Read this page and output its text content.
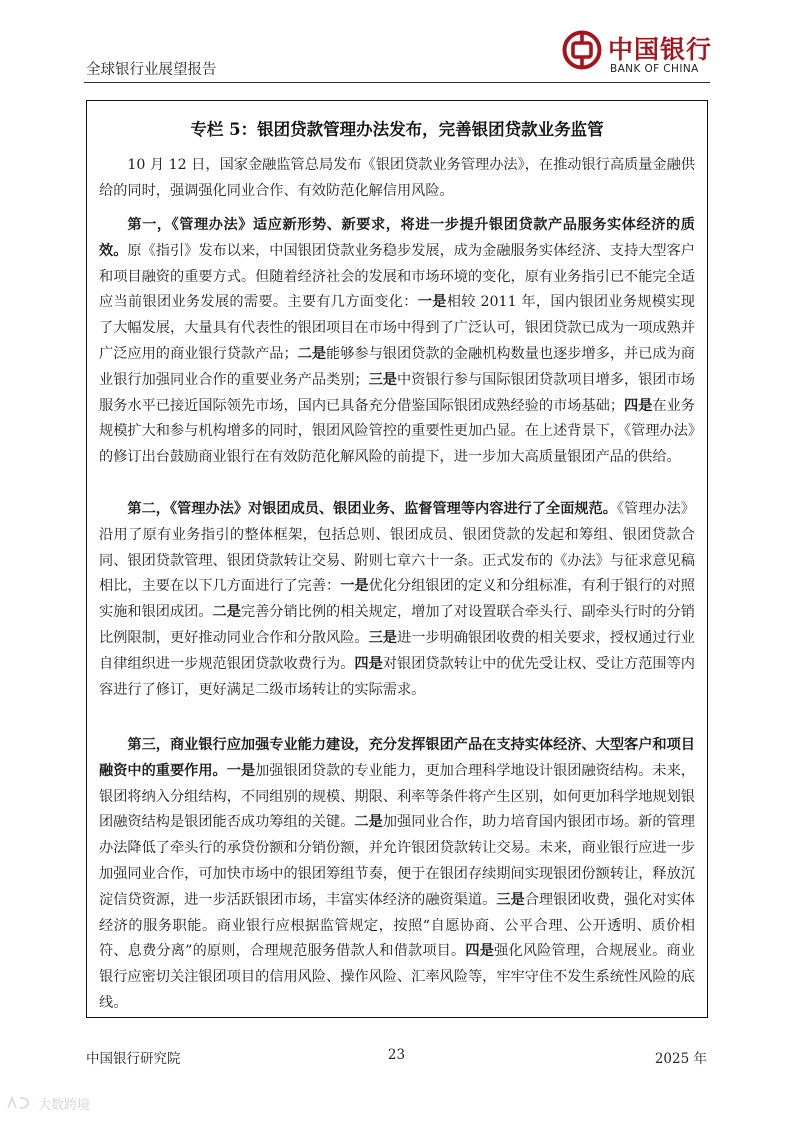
全球银行业展望报告
中国银行
BANK OF CHINA
专栏 5：银团贷款管理办法发布，完善银团贷款业务监管

10 月 12 日，国家金融监管总局发布《银团贷款业务管理办法》，在推动银行高质量金融供给的同时，强调强化同业合作、有效防范化解信用风险。

第一，《管理办法》适应新形势、新要求，将进一步提升银团贷款产品服务实体经济的质效。原《指引》发布以来，中国银团贷款业务稳步发展，成为金融服务实体经济、支持大型客户和项目融资的重要方式。但随着经济社会的发展和市场环境的变化，原有业务指引已不能完全适应当前银团业务发展的需要。主要有几方面变化：一是相较 2011 年，国内银团业务规模实现了大幅发展，大量具有代表性的银团项目在市场中得到了广泛认可，银团贷款已成为一项成熟并广泛应用的商业银行贷款产品；二是能够参与银团贷款的金融机构数量也逐步增多，并已成为商业银行加强同业合作的重要业务产品类别；三是中资银行参与国际银团贷款项目增多，银团市场服务水平已接近国际领先市场，国内已具备充分借鉴国际银团成熟经验的市场基础；四是在业务规模扩大和参与机构增多的同时，银团风险管控的重要性更加凸显。在上述背景下，《管理办法》的修订出台鼓励商业银行在有效防范化解风险的前提下，进一步加大高质量银团产品的供给。

第二，《管理办法》对银团成员、银团业务、监督管理等内容进行了全面规范。《管理办法》沿用了原有业务指引的整体框架，包括总则、银团成员、银团贷款的发起和筹组、银团贷款合同、银团贷款管理、银团贷款转让交易、附则七章六十一条。正式发布的《办法》与征求意见稿相比，主要在以下几方面进行了完善：一是优化分组银团的定义和分组标准，有利于银行的对照实施和银团成团。二是完善分销比例的相关规定，增加了对设置联合牵头行、副牵头行时的分销比例限制，更好推动同业合作和分散风险。三是进一步明确银团收费的相关要求，授权通过行业自律组织进一步规范银团贷款收费行为。四是对银团贷款转让中的优先受让权、受让方范围等内容进行了修订，更好满足二级市场转让的实际需求。

第三，商业银行应加强专业能力建设，充分发挥银团产品在支持实体经济、大型客户和项目融资中的重要作用。一是加强银团贷款的专业能力，更加合理科学地设计银团融资结构。未来，银团将纳入分组结构，不同组别的规模、期限、利率等条件将产生区别，如何更加科学地规划银团融资结构是银团能否成功筹组的关键。二是加强同业合作，助力培育国内银团市场。新的管理办法降低了牵头行的承贷份额和分销份额，并允许银团贷款转让交易。未来，商业银行应进一步加强同业合作，可加快市场中的银团筹组节奏，便于在银团存续期间实现银团份额转让，释放沉淀信贷资源，进一步活跃银团市场，丰富实体经济的融资渠道。三是合理银团收费，强化对实体经济的服务职能。商业银行应根据监管规定，按照“自愿协商、公平合理、公开透明、质价相符、息费分离”的原则，合理规范服务借款人和借款项目。四是强化风险管理，合规展业。商业银行应密切关注银团项目的信用风险、操作风险、汇率风险等，牢牢守住不发生系统性风险的底线。

中国银行研究院	23	2025 年
大数跨境
